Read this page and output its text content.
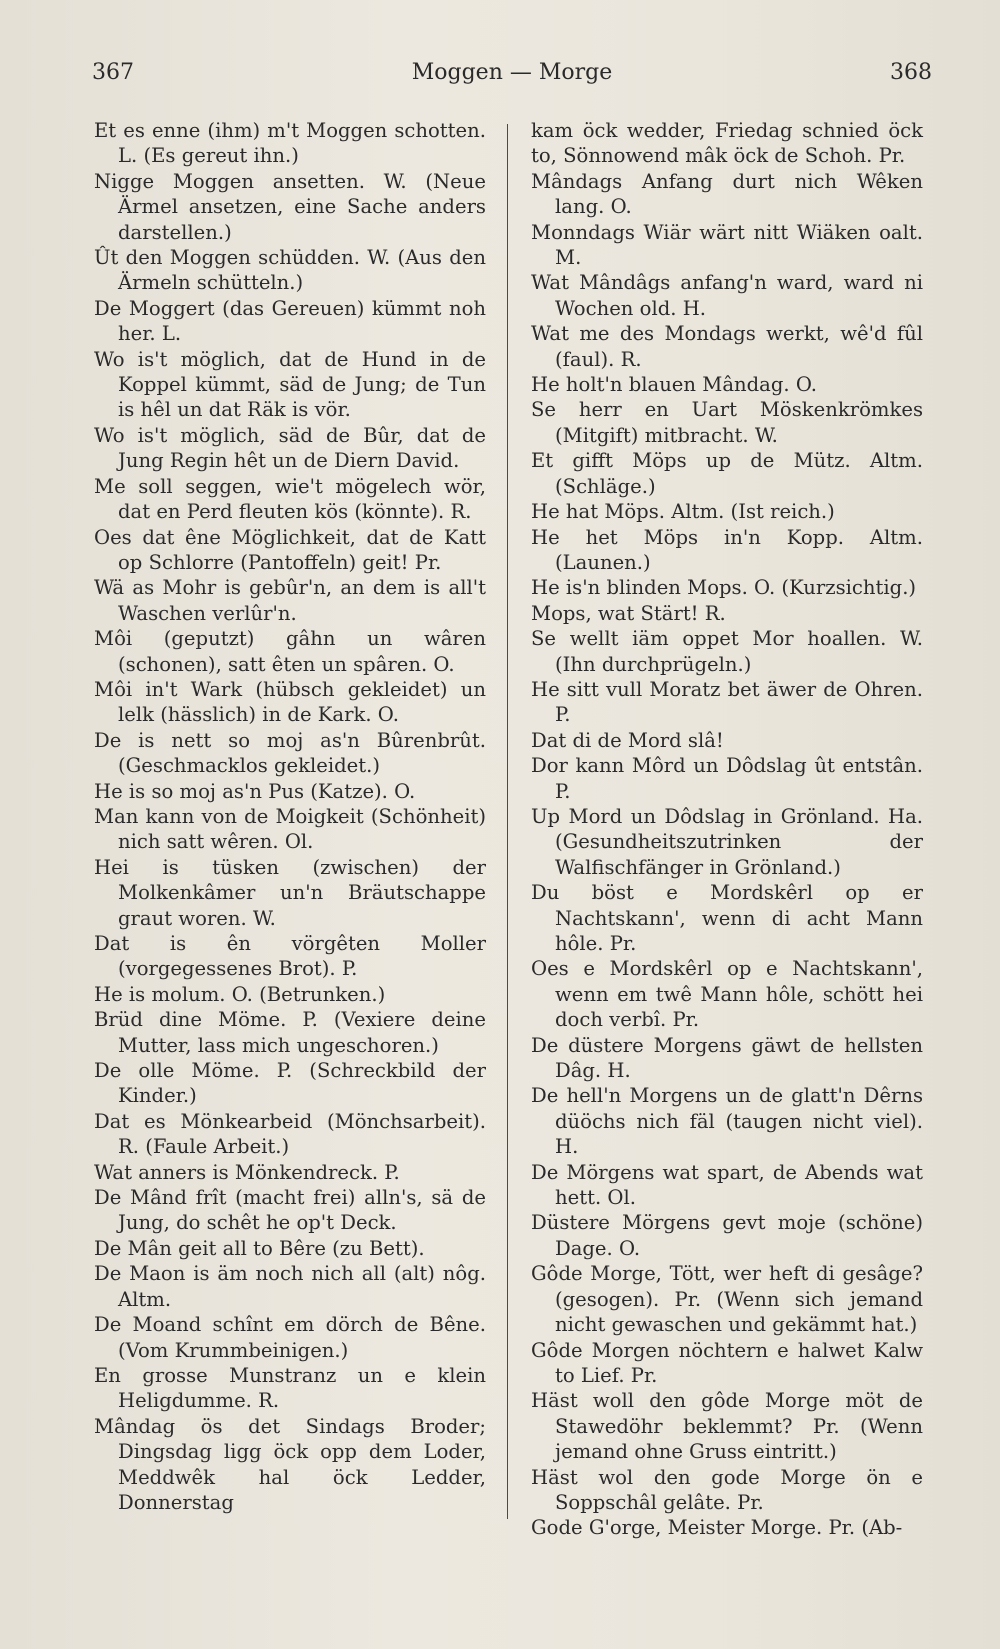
367	Moggen — Morge	368

Et es enne (ihm) m't Moggen schotten. L. (Es gereut ihn.)

Nigge Moggen ansetten. W. (Neue Ärmel ansetzen, eine Sache anders darstellen.)

Ût den Moggen schüdden. W. (Aus den Ärmeln schütteln.)

De Moggert (das Gereuen) kümmt noh her. L.

Wo is't möglich, dat de Hund in de Koppel kümmt, säd de Jung; de Tun is hêl un dat Räk is vör.

Wo is't möglich, säd de Bûr, dat de Jung Regin hêt un de Diern David.

Me soll seggen, wie't mögelech wör, dat en Perd fleuten kös (könnte). R.

Oes dat êne Möglichkeit, dat de Katt op Schlorre (Pantoffeln) geit! Pr.

Wä as Mohr is gebûr'n, an dem is all't Waschen verlûr'n.

Môi (geputzt) gâhn un wâren (schonen), satt êten un spâren. O.

Môi in't Wark (hübsch gekleidet) un lelk (hässlich) in de Kark. O.

De is nett so moj as'n Bûrenbrût. (Geschmacklos gekleidet.)

He is so moj as'n Pus (Katze). O.

Man kann von de Moigkeit (Schönheit) nich satt wêren. Ol.

Hei is tüsken (zwischen) der Molkenkâmer un'n Bräutschappe graut woren. W.

Dat is ên vörgêten Moller (vorgegessenes Brot). P.

He is molum. O. (Betrunken.)

Brüd dine Möme. P. (Vexiere deine Mutter, lass mich ungeschoren.)

De olle Möme. P. (Schreckbild der Kinder.)

Dat es Mönkearbeid (Mönchsarbeit). R. (Faule Arbeit.)

Wat anners is Mönkendreck. P.

De Mând frît (macht frei) alln's, sä de Jung, do schêt he op't Deck.

De Mân geit all to Bêre (zu Bett).

De Maon is äm noch nich all (alt) nôg. Altm.

De Moand schînt em dörch de Bêne. (Vom Krummbeinigen.)

En grosse Munstranz un e klein Heligdumme. R.

Mândag ös det Sindags Broder; Dingsdag ligg öck opp dem Loder, Meddwêk hal öck Ledder, Donnerstag

kam öck wedder, Friedag schnied öck to, Sönnowend mâk öck de Schoh. Pr.

Mândags Anfang durt nich Wêken lang. O.

Monndags Wiär wärt nitt Wiäken oalt. M.

Wat Mândâgs anfang'n ward, ward ni Wochen old. H.

Wat me des Mondags werkt, wê'd fûl (faul). R.

He holt'n blauen Mândag. O.

Se herr en Uart Möskenkrömkes (Mitgift) mitbracht. W.

Et gifft Möps up de Mütz. Altm. (Schläge.)

He hat Möps. Altm. (Ist reich.)

He het Möps in'n Kopp. Altm. (Launen.)

He is'n blinden Mops. O. (Kurzsichtig.)

Mops, wat Stärt! R.

Se wellt iäm oppet Mor hoallen. W. (Ihn durchprügeln.)

He sitt vull Moratz bet äwer de Ohren. P.

Dat di de Mord slâ!

Dor kann Môrd un Dôdslag ût entstân. P.

Up Mord un Dôdslag in Grönland. Ha. (Gesundheitszutrinken der Walfischfänger in Grönland.)

Du böst e Mordskêrl op er Nachtskann', wenn di acht Mann hôle. Pr.

Oes e Mordskêrl op e Nachtskann', wenn em twê Mann hôle, schött hei doch verbî. Pr.

De düstere Morgens gäwt de hellsten Dâg. H.

De hell'n Morgens un de glatt'n Dêrns düöchs nich fäl (taugen nicht viel). H.

De Mörgens wat spart, de Abends wat hett. Ol.

Düstere Mörgens gevt moje (schöne) Dage. O.

Gôde Morge, Tött, wer heft di gesâge? (gesogen). Pr. (Wenn sich jemand nicht gewaschen und gekämmt hat.)

Gôde Morgen nöchtern e halwet Kalw to Lief. Pr.

Häst woll den gôde Morge möt de Stawedöhr beklemmt? Pr. (Wenn jemand ohne Gruss eintritt.)

Häst wol den gode Morge ön e Soppschâl gelâte. Pr.

Gode G'orge, Meister Morge. Pr. (Ab-
